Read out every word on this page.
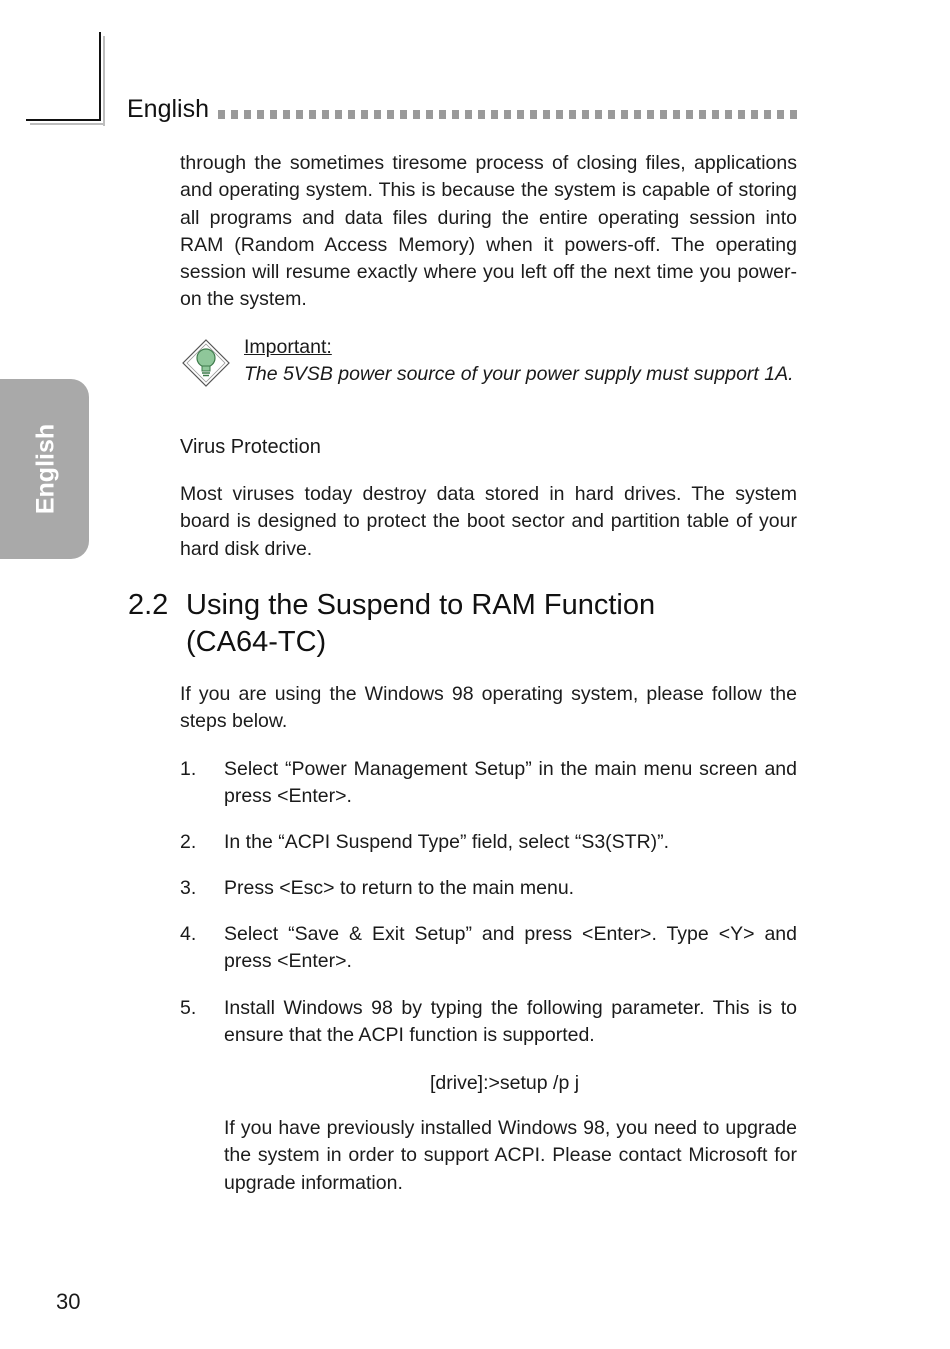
English
English
through the sometimes tiresome process of closing files, applications and operating system. This is because the system is capable of storing all programs and data files during the entire operating session into RAM (Random Access Memory) when it powers-off. The operating session will resume exactly where you left off the next time you power-on the system.
Important:
The 5VSB power source of your power supply must support 1A.
Virus Protection
Most viruses today destroy data stored in hard drives. The system board is designed to protect the boot sector and partition table of your hard disk drive.
2.2 Using the Suspend to RAM Function
(CA64-TC)
If you are using the Windows 98 operating system, please follow the steps below.
1. Select “Power Management Setup” in the main menu screen and press <Enter>.
2. In the “ACPI Suspend Type” field, select “S3(STR)”.
3. Press <Esc> to return to the main menu.
4. Select “Save & Exit Setup” and press <Enter>. Type <Y> and press <Enter>.
5. Install Windows 98 by typing the following parameter. This is to ensure that the ACPI function is supported.
[drive]:>setup /p j
If you have previously installed Windows 98, you need to upgrade the system in order to support ACPI. Please contact Microsoft for upgrade information.
30
